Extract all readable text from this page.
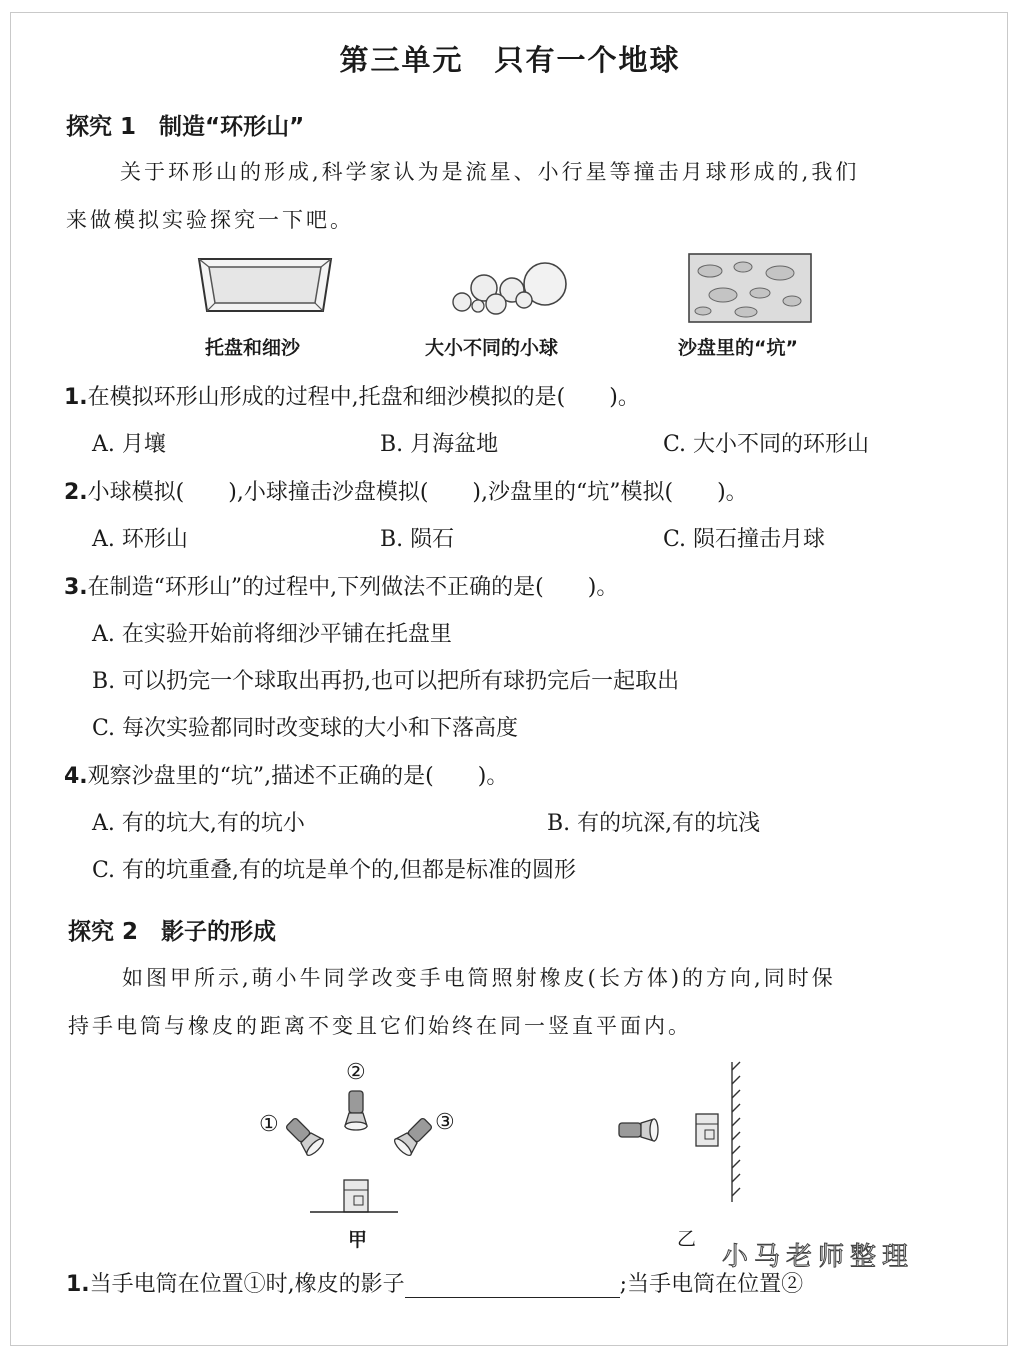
第三单元　只有一个地球
探究 1　制造“环形山”
关于环形山的形成,科学家认为是流星、小行星等撞击月球形成的,我们
来做模拟实验探究一下吧。
托盘和细沙	大小不同的小球	沙盘里的“坑”
1.在模拟环形山形成的过程中,托盘和细沙模拟的是(　　)。
A. 月壤	B. 月海盆地	C. 大小不同的环形山
2.小球模拟(　　),小球撞击沙盘模拟(　　),沙盘里的“坑”模拟(　　)。
A. 环形山	B. 陨石	C. 陨石撞击月球
3.在制造“环形山”的过程中,下列做法不正确的是(　　)。
A. 在实验开始前将细沙平铺在托盘里
B. 可以扔完一个球取出再扔,也可以把所有球扔完后一起取出
C. 每次实验都同时改变球的大小和下落高度
4.观察沙盘里的“坑”,描述不正确的是(　　)。
A. 有的坑大,有的坑小	B. 有的坑深,有的坑浅
C. 有的坑重叠,有的坑是单个的,但都是标准的圆形
探究 2　影子的形成
如图甲所示,萌小牛同学改变手电筒照射橡皮(长方体)的方向,同时保
持手电筒与橡皮的距离不变且它们始终在同一竖直平面内。
①
②
③
甲	乙
小马老师整理
1.当手电筒在位置①时,橡皮的影子	;当手电筒在位置②
